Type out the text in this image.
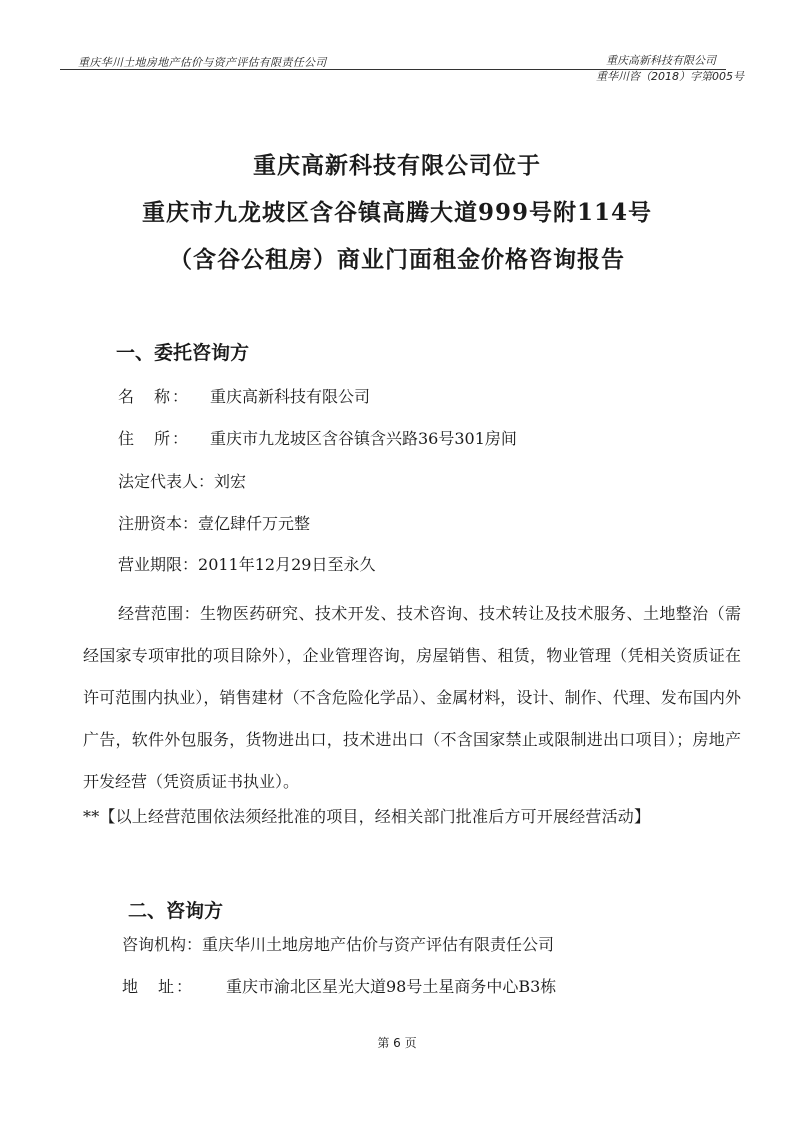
重庆华川土地房地产估价与资产评估有限责任公司	重庆高新科技有限公司
重华川咨（2018）字第005号
重庆高新科技有限公司位于
重庆市九龙坡区含谷镇高腾大道999号附114号
（含谷公租房）商业门面租金价格咨询报告
一、委托咨询方
名　称： 重庆高新科技有限公司
住　所： 重庆市九龙坡区含谷镇含兴路36号301房间
法定代表人：刘宏
注册资本：壹亿肆仟万元整
营业期限：2011年12月29日至永久
经营范围：生物医药研究、技术开发、技术咨询、技术转让及技术服务、土地整治（需经国家专项审批的项目除外），企业管理咨询，房屋销售、租赁，物业管理（凭相关资质证在许可范围内执业），销售建材（不含危险化学品）、金属材料，设计、制作、代理、发布国内外广告，软件外包服务，货物进出口，技术进出口（不含国家禁止或限制进出口项目）；房地产开发经营（凭资质证书执业）。
**【以上经营范围依法须经批准的项目，经相关部门批准后方可开展经营活动】
二、咨询方
咨询机构：重庆华川土地房地产估价与资产评估有限责任公司
地　址： 重庆市渝北区星光大道98号土星商务中心B3栋
第 6 页
